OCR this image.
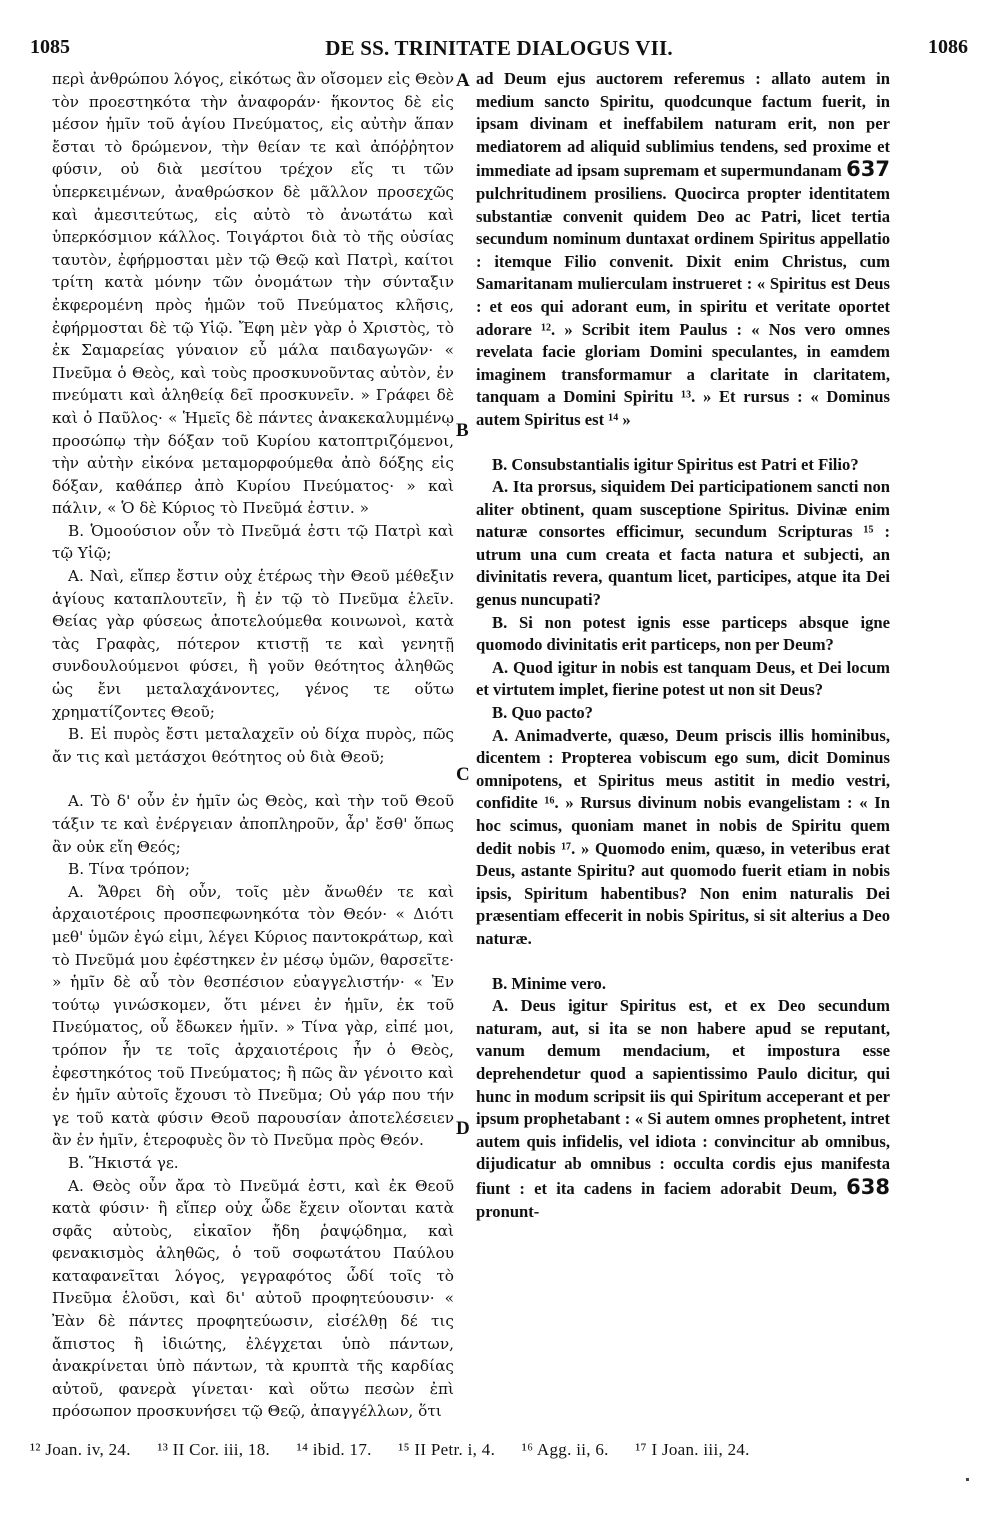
1085	DE SS. TRINITATE DIALOGUS VII.	1086
A
B
C
D
περὶ ἀνθρώπου λόγος, εἰκότως ἂν οἴσομεν εἰς Θεὸν τὸν προεστηκότα τὴν ἀναφοράν· ἥκοντος δὲ εἰς μέσον ἡμῖν τοῦ ἁγίου Πνεύματος, εἰς αὐτὴν ἅπαν ἔσται τὸ δρώμενον, τὴν θείαν τε καὶ ἀπόῤῥητον φύσιν, οὐ διὰ μεσίτου τρέχον εἴς τι τῶν ὑπερκειμένων, ἀναθρώσκον δὲ μᾶλλον προσεχῶς καὶ ἀμεσιτεύτως, εἰς αὐτὸ τὸ ἀνωτάτω καὶ ὑπερκόσμιον κάλλος. Τοιγάρτοι διὰ τὸ τῆς οὐσίας ταυτὸν, ἐφήρμοσται μὲν τῷ Θεῷ καὶ Πατρὶ, καίτοι τρίτη κατὰ μόνην τῶν ὀνομάτων τὴν σύνταξιν ἐκφερομένη πρὸς ἡμῶν τοῦ Πνεύματος κλῆσις, ἐφήρμοσται δὲ τῷ Υἱῷ. Ἔφη μὲν γὰρ ὁ Χριστὸς, τὸ ἐκ Σαμαρείας γύναιον εὖ μάλα παιδαγωγῶν· « Πνεῦμα ὁ Θεὸς, καὶ τοὺς προσκυνοῦντας αὐτὸν, ἐν πνεύματι καὶ ἀληθείᾳ δεῖ προσκυνεῖν. » Γράφει δὲ καὶ ὁ Παῦλος· « Ἡμεῖς δὲ πάντες ἀνακεκαλυμμένῳ προσώπῳ τὴν δόξαν τοῦ Κυρίου κατοπτριζόμενοι, τὴν αὐτὴν εἰκόνα μεταμορφούμεθα ἀπὸ δόξης εἰς δόξαν, καθάπερ ἀπὸ Κυρίου Πνεύματος· » καὶ πάλιν, « Ὁ δὲ Κύριος τὸ Πνεῦμά ἐστιν. »
Β. Ὁμοούσιον οὖν τὸ Πνεῦμά ἐστι τῷ Πατρὶ καὶ τῷ Υἱῷ;
Α. Ναὶ, εἴπερ ἔστιν οὐχ ἑτέρως τὴν Θεοῦ μέθεξιν ἁγίους καταπλουτεῖν, ἢ ἐν τῷ τὸ Πνεῦμα ἑλεῖν. Θείας γὰρ φύσεως ἀποτελούμεθα κοινωνοὶ, κατὰ τὰς Γραφὰς, πότερον κτιστῇ τε καὶ γενητῇ συνδουλούμενοι φύσει, ἢ γοῦν θεότητος ἀληθῶς ὡς ἔνι μεταλαχάνοντες, γένος τε οὕτω χρηματίζοντες Θεοῦ;
Β. Εἰ πυρὸς ἔστι μεταλαχεῖν οὐ δίχα πυρὸς, πῶς ἄν τις καὶ μετάσχοι θεότητος οὐ διὰ Θεοῦ;
Α. Τὸ δ' οὖν ἐν ἡμῖν ὡς Θεὸς, καὶ τὴν τοῦ Θεοῦ τάξιν τε καὶ ἐνέργειαν ἀποπληροῦν, ἆρ' ἔσθ' ὅπως ἂν οὐκ εἴη Θεός;
Β. Τίνα τρόπον;
Α. Ἄθρει δὴ οὖν, τοῖς μὲν ἄνωθέν τε καὶ ἀρχαιοτέροις προσπεφωνηκότα τὸν Θεόν· « Διότι μεθ' ὑμῶν ἐγώ εἰμι, λέγει Κύριος παντοκράτωρ, καὶ τὸ Πνεῦμά μου ἐφέστηκεν ἐν μέσῳ ὑμῶν, θαρσεῖτε· » ἡμῖν δὲ αὖ τὸν θεσπέσιον εὐαγγελιστήν· « Ἐν τούτῳ γινώσκομεν, ὅτι μένει ἐν ἡμῖν, ἐκ τοῦ Πνεύματος, οὗ ἔδωκεν ἡμῖν. » Τίνα γὰρ, εἰπέ μοι, τρόπον ἦν τε τοῖς ἀρχαιοτέροις ἦν ὁ Θεὸς, ἐφεστηκότος τοῦ Πνεύματος; ἢ πῶς ἂν γένοιτο καὶ ἐν ἡμῖν αὐτοῖς ἔχουσι τὸ Πνεῦμα; Οὐ γάρ που τήν γε τοῦ κατὰ φύσιν Θεοῦ παρουσίαν ἀποτελέσειεν ἂν ἐν ἡμῖν, ἑτεροφυὲς ὂν τὸ Πνεῦμα πρὸς Θεόν.
Β. Ἥκιστά γε.
Α. Θεὸς οὖν ἄρα τὸ Πνεῦμά ἐστι, καὶ ἐκ Θεοῦ κατὰ φύσιν· ἢ εἴπερ οὐχ ὧδε ἔχειν οἴονται κατὰ σφᾶς αὐτοὺς, εἰκαῖον ἤδη ῥαψῴδημα, καὶ φενακισμὸς ἀληθῶς, ὁ τοῦ σοφωτάτου Παύλου καταφανεῖται λόγος, γεγραφότος ὧδί τοῖς τὸ Πνεῦμα ἑλοῦσι, καὶ δι' αὐτοῦ προφητεύουσιν· « Ἐὰν δὲ πάντες προφητεύωσιν, εἰσέλθῃ δέ τις ἄπιστος ἢ ἰδιώτης, ἐλέγχεται ὑπὸ πάντων, ἀνακρίνεται ὑπὸ πάντων, τὰ κρυπτὰ τῆς καρδίας αὐτοῦ, φανερὰ γίνεται· καὶ οὕτω πεσὼν ἐπὶ πρόσωπον προσκυνήσει τῷ Θεῷ, ἀπαγγέλλων, ὅτι
ad Deum ejus auctorem referemus : allato autem in medium sancto Spiritu, quodcunque factum fuerit, in ipsam divinam et ineffabilem naturam erit, non per mediatorem ad aliquid sublimius tendens, sed proxime et immediate ad ipsam supremam et supermundanam 637 pulchritudinem prosiliens. Quocirca propter identitatem substantiæ convenit quidem Deo ac Patri, licet tertia secundum nominum duntaxat ordinem Spiritus appellatio : itemque Filio convenit. Dixit enim Christus, cum Samaritanam mulierculam instrueret : « Spiritus est Deus : et eos qui adorant eum, in spiritu et veritate oportet adorare ¹². » Scribit item Paulus : « Nos vero omnes revelata facie gloriam Domini speculantes, in eamdem imaginem transformamur a claritate in claritatem, tanquam a Domini Spiritu ¹³. » Et rursus : « Dominus autem Spiritus est ¹⁴ »
B. Consubstantialis igitur Spiritus est Patri et Filio?
A. Ita prorsus, siquidem Dei participationem sancti non aliter obtinent, quam susceptione Spiritus. Divinæ enim naturæ consortes efficimur, secundum Scripturas ¹⁵ : utrum una cum creata et facta natura et subjecti, an divinitatis revera, quantum licet, participes, atque ita Dei genus nuncupati?
B. Si non potest ignis esse particeps absque igne quomodo divinitatis erit particeps, non per Deum?
A. Quod igitur in nobis est tanquam Deus, et Dei locum et virtutem implet, fierine potest ut non sit Deus?
B. Quo pacto?
A. Animadverte, quæso, Deum priscis illis hominibus, dicentem : Propterea vobiscum ego sum, dicit Dominus omnipotens, et Spiritus meus astitit in medio vestri, confidite ¹⁶. » Rursus divinum nobis evangelistam : « In hoc scimus, quoniam manet in nobis de Spiritu quem dedit nobis ¹⁷. » Quomodo enim, quæso, in veteribus erat Deus, astante Spiritu? aut quomodo fuerit etiam in nobis ipsis, Spiritum habentibus? Non enim naturalis Dei præsentiam effecerit in nobis Spiritus, si sit alterius a Deo naturæ.
B. Minime vero.
A. Deus igitur Spiritus est, et ex Deo secundum naturam, aut, si ita se non habere apud se reputant, vanum demum mendacium, et impostura esse deprehendetur quod a sapientissimo Paulo dicitur, qui hunc in modum scripsit iis qui Spiritum acceperant et per ipsum prophetabant : « Si autem omnes prophetent, intret autem quis infidelis, vel idiota : convincitur ab omnibus, dijudicatur ab omnibus : occulta cordis ejus manifesta fiunt : et ita cadens in faciem adorabit Deum, 638 pronunt-
¹² Joan. iv, 24. ¹³ II Cor. iii, 18. ¹⁴ ibid. 17. ¹⁵ II Petr. i, 4. ¹⁶ Agg. ii, 6. ¹⁷ I Joan. iii, 24.
